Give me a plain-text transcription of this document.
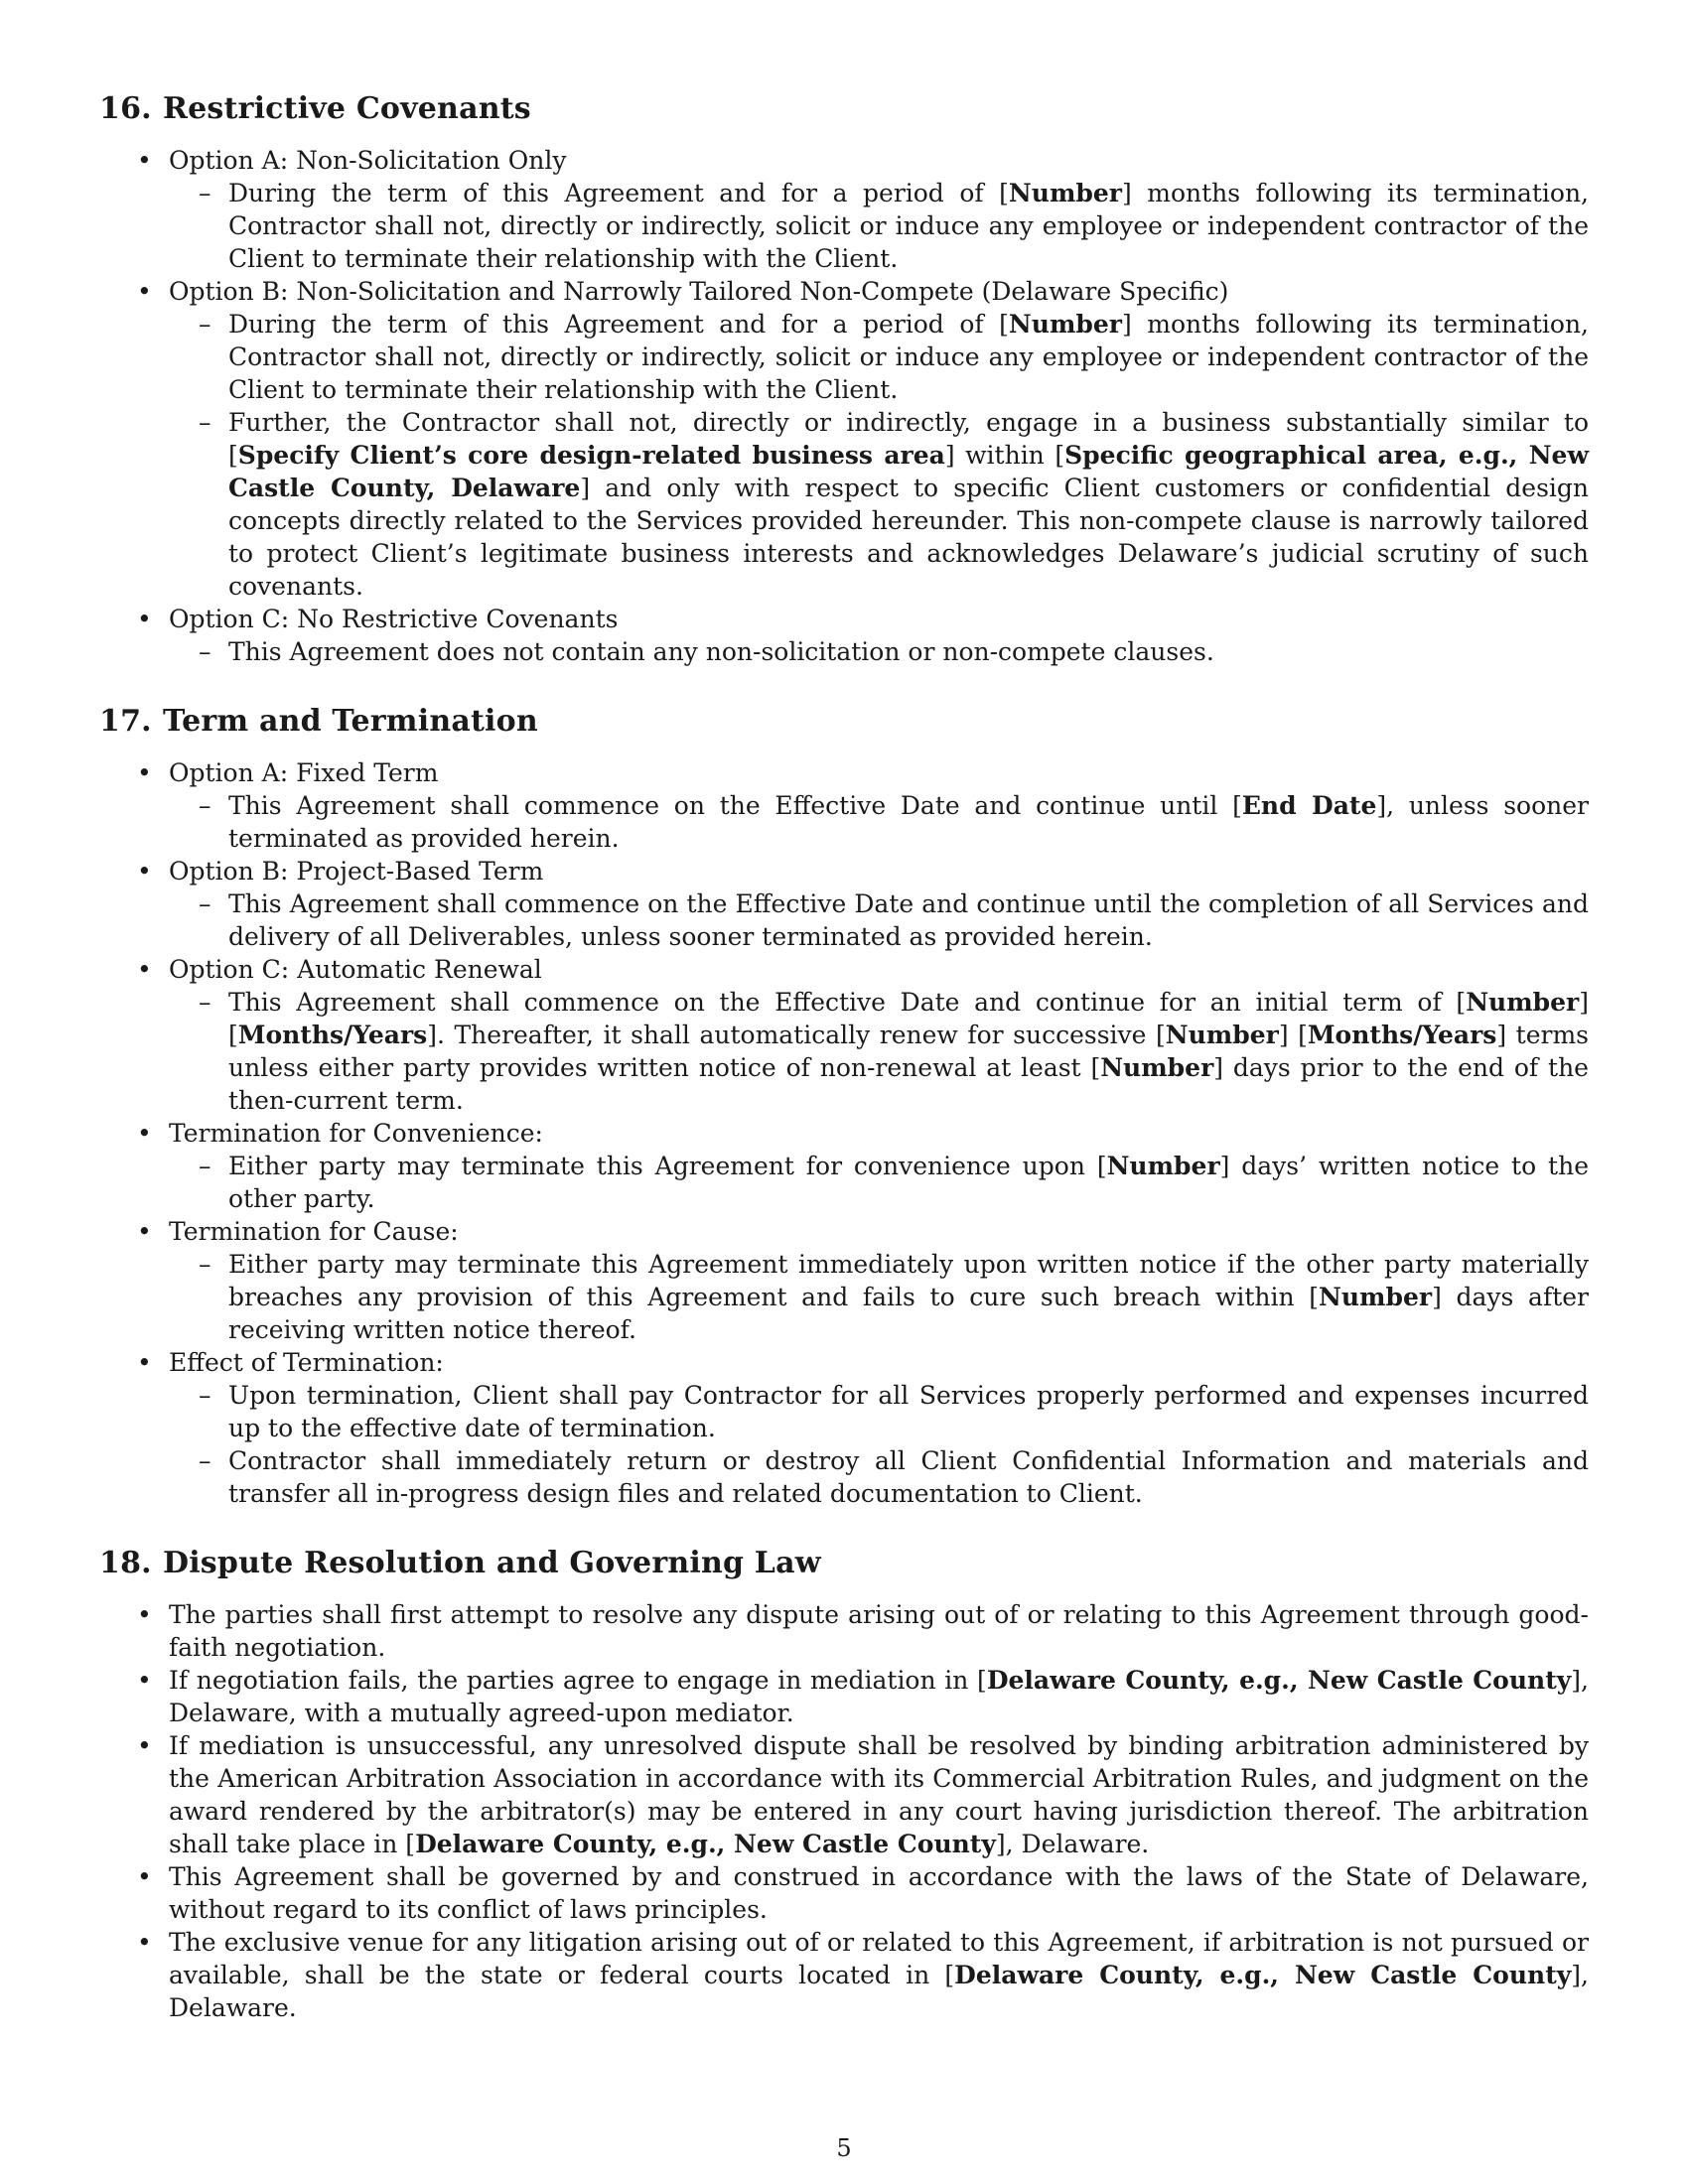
16. Restrictive Covenants
• Option A: Non-Solicitation Only
– During the term of this Agreement and for a period of [Number] months following its termination, Contractor shall not, directly or indirectly, solicit or induce any employee or independent contractor of the Client to terminate their relationship with the Client.
• Option B: Non-Solicitation and Narrowly Tailored Non-Compete (Delaware Specific)
– During the term of this Agreement and for a period of [Number] months following its termination, Contractor shall not, directly or indirectly, solicit or induce any employee or independent contractor of the Client to terminate their relationship with the Client.
– Further, the Contractor shall not, directly or indirectly, engage in a business substantially similar to [Specify Client’s core design-related business area] within [Specific geographical area, e.g., New Castle County, Delaware] and only with respect to specific Client customers or confidential design concepts directly related to the Services provided hereunder. This non-compete clause is narrowly tailored to protect Client’s legitimate business interests and acknowledges Delaware’s judicial scrutiny of such covenants.
• Option C: No Restrictive Covenants
– This Agreement does not contain any non-solicitation or non-compete clauses.
17. Term and Termination
• Option A: Fixed Term
– This Agreement shall commence on the Effective Date and continue until [End Date], unless sooner terminated as provided herein.
• Option B: Project-Based Term
– This Agreement shall commence on the Effective Date and continue until the completion of all Services and delivery of all Deliverables, unless sooner terminated as provided herein.
• Option C: Automatic Renewal
– This Agreement shall commence on the Effective Date and continue for an initial term of [Number] [Months/Years]. Thereafter, it shall automatically renew for successive [Number] [Months/Years] terms unless either party provides written notice of non-renewal at least [Number] days prior to the end of the then-current term.
• Termination for Convenience:
– Either party may terminate this Agreement for convenience upon [Number] days’ written notice to the other party.
• Termination for Cause:
– Either party may terminate this Agreement immediately upon written notice if the other party materially breaches any provision of this Agreement and fails to cure such breach within [Number] days after receiving written notice thereof.
• Effect of Termination:
– Upon termination, Client shall pay Contractor for all Services properly performed and expenses incurred up to the effective date of termination.
– Contractor shall immediately return or destroy all Client Confidential Information and materials and transfer all in-progress design files and related documentation to Client.
18. Dispute Resolution and Governing Law

• The parties shall first attempt to resolve any dispute arising out of or relating to this Agreement through good-faith negotiation.

• If negotiation fails, the parties agree to engage in mediation in [Delaware County, e.g., New Castle County], Delaware, with a mutually agreed-upon mediator.

• If mediation is unsuccessful, any unresolved dispute shall be resolved by binding arbitration administered by the American Arbitration Association in accordance with its Commercial Arbitration Rules, and judgment on the award rendered by the arbitrator(s) may be entered in any court having jurisdiction thereof. The arbitration shall take place in [Delaware County, e.g., New Castle County], Delaware.

• This Agreement shall be governed by and construed in accordance with the laws of the State of Delaware, without regard to its conflict of laws principles.

• The exclusive venue for any litigation arising out of or related to this Agreement, if arbitration is not pursued or available, shall be the state or federal courts located in [Delaware County, e.g., New Castle County], Delaware.

5
